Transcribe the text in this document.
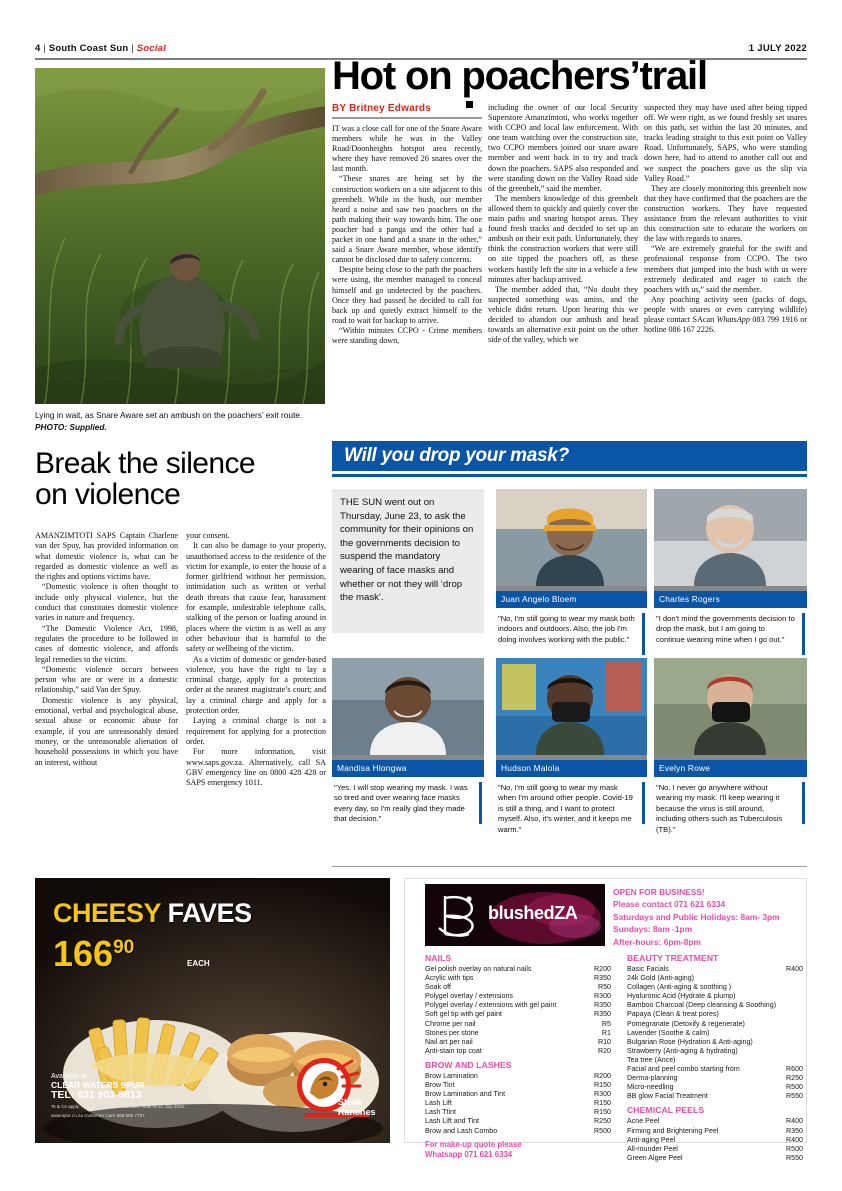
4 | South Coast Sun | Social	1 JULY 2022
Lying in wait, as Snare Aware set an ambush on the poachers’ exit route. PHOTO: Supplied.
Hot on poachers’trail
BY Britney Edwards

IT was a close call for one of the Snare Aware members while he was in the Valley Road/Doonheights hotspot area recently, where they have removed 26 snares over the last month.

“These snares are being set by the construction workers on a site adjacent to this greenbelt. While in the bush, our member heard a noise and saw two poachers on the path making their way towards him. The one poacher had a panga and the other had a packet in one hand and a snare in the other,” said a Snare Aware member, whose identify cannot be disclosed due to safety concerns.

Despite being close to the path the poachers were using, the member managed to conceal himself and go undetected by the poachers. Once they had passed he decided to call for back up and quietly extract himself to the road to wait for backup to arrive.

“Within minutes CCPO - Crime members were standing down,

including the owner of our local Security Superstore Amanzimtoti, who works together with CCPO and local law enforcement. With one team watching over the construction site, two CCPO members joined our snare aware member and went back in to try and track down the poachers. SAPS also responded and were standing down on the Valley Road side of the greenbelt,” said the member.

The members knowledge of this greenbelt allowed them to quickly and quietly cover the main paths and snaring hotspot areas. They found fresh tracks and decided to set up an ambush on their exit path. Unfortunately, they think the construction workers that were still on site tipped the poachers off, as these workers hastily left the site in a vehicle a few minutes after backup arrived.

The member added that, “No doubt they suspected something was amiss, and the vehicle didnt return. Upon hearing this we decided to abandon our ambush and head towards an alternative exit point on the other side of the valley, which we

suspected they may have used after being tipped off. We were right, as we found freshly set snares on this path, set within the last 20 minutes, and tracks leading straight to this exit point on Valley Road. Unfortunately, SAPS, who were standing down here, had to attend to another call out and we suspect the poachers gave us the slip via Valley Road.”

They are closely monitoring this greenbelt now that they have confirmed that the poachers are the construction workers. They have requested assistance from the relevant authorities to visit this construction site to educate the workers on the law with regards to snares.

“We are extremely grateful for the swift and professional response from CCPO. The two members that jumped into the bush with us were extremely dedicated and eager to catch the poachers with us,” said the member.

Any poaching activity seen (packs of dogs, people with snares or even carrying wildlife) please contact SAcan WhatsApp 083 799 1916 or hotline 086 167 2226.

Break the silence
on violence

AMANZIMTOTI SAPS Captain Charlene van der Spuy, has provided information on what domestic violence is, what can be regarded as domestic violence as well as the rights and options victims have.

“Domestic violence is often thought to include only physical violence, but the conduct that constitutes domestic violence varies in nature and frequency.

“The Domestic Violence Act, 1998, regulates the procedure to be followed in cases of domestic violence, and affords legal remedies to the victim.

“Domestic violence occurs between person who are or were in a domestic relationship,” said Van der Spuy.

Domestic violence is any physical, emotional, verbal and psychological abuse, sexual abuse or economic abuse for example, if you are unreasonably denied money, or the unreasonable alienation of household possessions in which you have an interest, without

your consent.

It can also be damage to your property, unauthorised access to the residence of the victim for example, to enter the house of a former girlfriend without her permission, intimidation such as written or verbal death threats that cause fear, harassment for example, undesirable telephone calls, stalking of the person or loafing around in places where the victim is as well as any other behaviour that is harmful to the safety or wellbeing of the victim.

As a victim of domestic or gender-based violence, you have the right to lay a criminal charge, apply for a protection order at the nearest magistrate’s court; and lay a criminal charge and apply for a protection order.

Laying a criminal charge is not a requirement for applying for a protection order.

For more information, visit www.saps.gov.za. Alternatively, call SA GBV emergency line on 0800 428 428 or SAPS emergency 1011.

Will you drop your mask?
THE SUN went out on Thursday, June 23, to ask the community for their opinions on the governments decision to suspend the mandatory wearing of face masks and whether or not they will ‘drop the mask’.	Juan Angelo Bloem
"No, I'm still going to wear my mask both indoors and outdoors. Also, the job I'm doing involves working with the public."
Charles Rogers
"I don't mind the governments decision to drop the mask, but I am going to continue wearing mine when I go out."
Mandisa Hlongwa
"Yes. I will stop wearing my mask. I was so tired and over wearing face masks every day, so I'm really glad they made that decision."
Hudson Malola
"No, I'm still going to wear my mask when I'm around other people. Covid-19 is still a thing, and I want to protect myself. Also, it's winter, and it keeps me warm."
Evelyn Rowe
"No, I never go anywhere without wearing my mask. I'll keep wearing it because the virus is still around, including others such as Tuberculosis (TB)."
CHEESY FAVES
$166^{90}$
EACH
Available at
CLEAR WATERS SPUR
TEL: 031 903 8813
Ts & Cs apply. Not to enjoy for more details. Valid till 31 July 2022.
www.spur.co.za Customer Care 086 000 7787
Steak
Ranches
blushedZA
OPEN FOR BUSINESS!
Please contact 071 621 6334
Saturdays and Public Holidays: 8am- 3pm
Sundays: 8am -1pm
After-hours: 6pm-8pm
NAILS
Gel polish overlay on natural nails	R200
Acrylic with tips	R350
Soak off	R50
Polygel overlay / extensions	R300
Polygel overlay / extensions with gel paint	R350
Soft gel tip with gel paint	R350
Chrome per nail	R5
Stones per stone	R1
Nail art per nail	R10
Anti-stain top coat	R20
BROW AND LASHES
Brow Lamination	R200
Brow Tint	R150
Brow Lamination and Tint	R300
Lash Lift	R150
Lash Ttint	R150
Lash Lift and Tint	R250
Brow and Lash Combo	R500
For make-up quote please
Whatsapp 071 621 6334
BEAUTY TREATMENT
Basic Facials	R400
24k Gold (Anti-aging)
Collagen (Anti-aging & soothing )
Hyaluronic Acid (Hydrate & plump)
Bamboo Charcoal (Deep cleansing & Soothing)
Papaya (Clean & treat pores)
Pomegranate (Detoxify & regenerate)
Lavender (Soothe & calm)
Bulgarian Rose (Hydration & Anti-aging)
Strawberry (Anti-aging & hydrating)
Tea tree (Ance)
Facial and peel combo starting from	R600
Derma-planning	R250
Micro-needling	R500
BB glow Facial Treatment	R550
CHEMICAL PEELS
Acne Peel	R400
Firming and Brightening Peel	R350
Anti-aging Peel	R400
All-rounder Peel	R500
Green Algee Peel	R550
